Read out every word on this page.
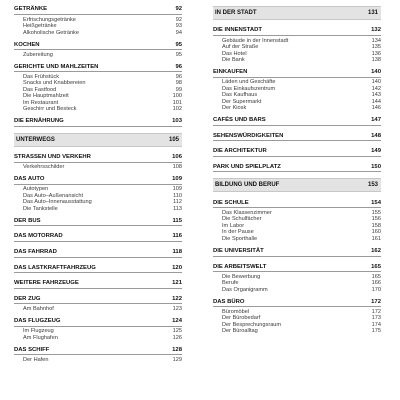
GETRÄNKE	92
Erfrischungsgetränke	92
Heißgetränke	93
Alkoholische Getränke	94
KOCHEN	95
Zubereitung	95
GERICHTE UND MAHLZEITEN	96
Das Frühstück	96
Snacks und Knabbereien	98
Das Fastfood	99
Die Hauptmahlzeit	100
Im Restaurant	101
Geschirr und Besteck	102
DIE ERNÄHRUNG	103
UNTERWEGS	105
STRASSEN UND VERKEHR	106
Verkehrsschilder	108
DAS AUTO	109
Autotypen	109
Das Auto–Außenansicht	110
Das Auto–Innenausstattung	112
Die Tankstelle	113
DER BUS	115
DAS MOTORRAD	116
DAS FAHRRAD	118
DAS LASTKRAFTFAHRZEUG	120
WEITERE FAHRZEUGE	121
DER ZUG	122
Am Bahnhof	123
DAS FLUGZEUG	124
Im Flugzeug	125
Am Flughafen	126
DAS SCHIFF	128
Der Hafen	129
IN DER STADT	131
DIE INNENSTADT	132
Gebäude in der Innenstadt	134
Auf der Straße	135
Das Hotel	136
Die Bank	138
EINKAUFEN	140
Läden und Geschäfte	140
Das Einkaufszentrum	142
Das Kaufhaus	143
Der Supermarkt	144
Der Kiosk	146
CAFÉS UND BARS	147
SEHENSWÜRDIGKEITEN	148
DIE ARCHITEKTUR	149
PARK UND SPIELPLATZ	150
BILDUNG UND BERUF	153
DIE SCHULE	154
Das Klassenzimmer	155
Die Schulfächer	156
Im Labor	158
In der Pause	160
Die Sporthalle	161
DIE UNIVERSITÄT	162
DIE ARBEITSWELT	165
Die Bewerbung	165
Berufe	166
Das Organigramm	170
DAS BÜRO	172
Büromöbel	172
Der Bürobedarf	173
Der Besprechungsraum	174
Der Büroalltag	175
